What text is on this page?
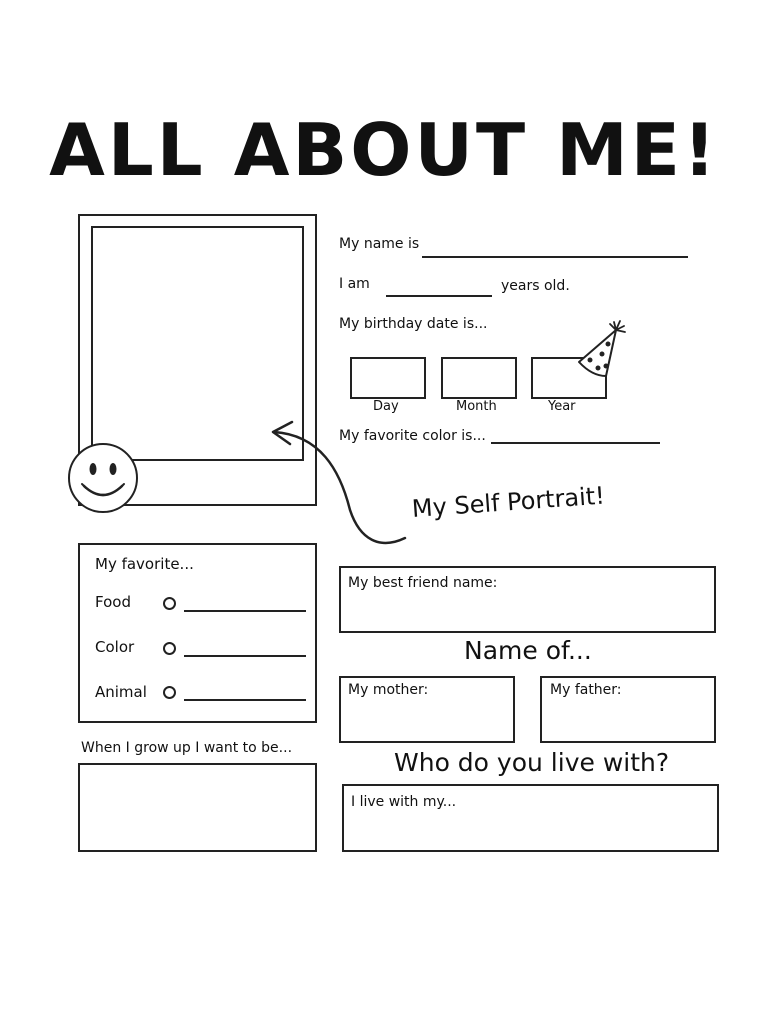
ALL ABOUT ME!
My name is
I am	years old.
My birthday date is...
Day	Month	Year
My favorite color is...
My Self Portrait!
My favorite...
Food
Color
Animal
When I grow up I want to be...
My best friend name:
Name of...
My mother:	My father:
Who do you live with?
I live with my...
